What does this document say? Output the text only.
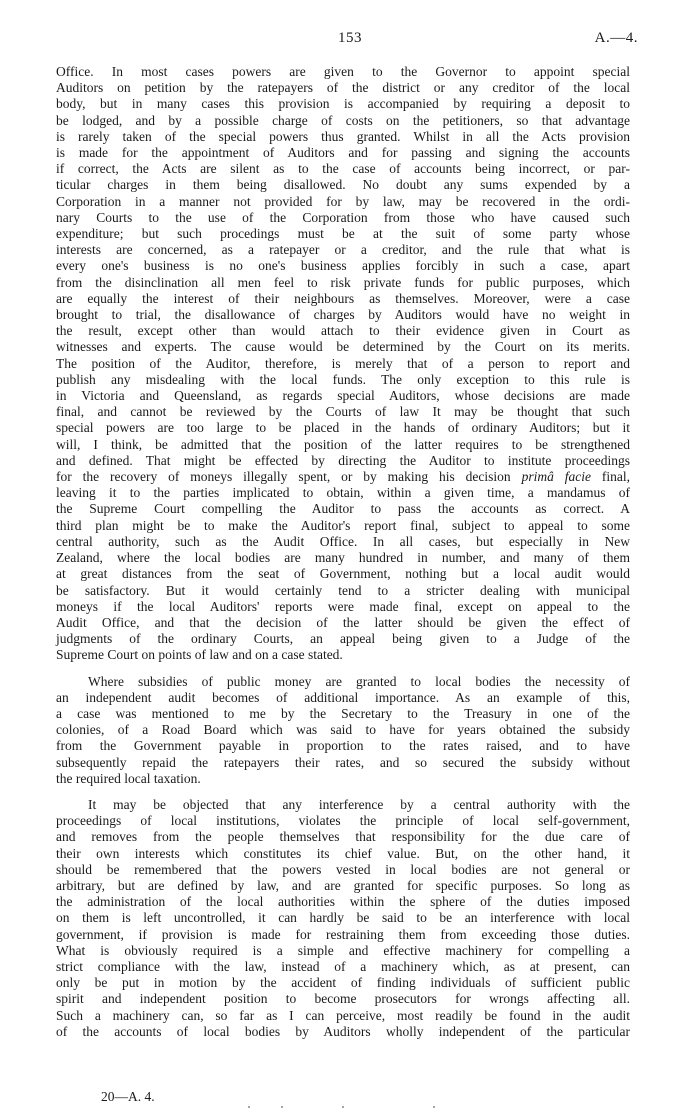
153	A.—4.

Office. In most cases powers are given to the Governor to appoint special

Auditors on petition by the ratepayers of the district or any creditor of the local

body, but in many cases this provision is accompanied by requiring a deposit to

be lodged, and by a possible charge of costs on the petitioners, so that advantage

is rarely taken of the special powers thus granted. Whilst in all the Acts provision

is made for the appointment of Auditors and for passing and signing the accounts

if correct, the Acts are silent as to the case of accounts being incorrect, or par-

ticular charges in them being disallowed. No doubt any sums expended by a

Corporation in a manner not provided for by law, may be recovered in the ordi-

nary Courts to the use of the Corporation from those who have caused such

expenditure; but such procedings must be at the suit of some party whose

interests are concerned, as a ratepayer or a creditor, and the rule that what is

every one's business is no one's business applies forcibly in such a case, apart

from the disinclination all men feel to risk private funds for public purposes, which

are equally the interest of their neighbours as themselves. Moreover, were a case

brought to trial, the disallowance of charges by Auditors would have no weight in

the result, except other than would attach to their evidence given in Court as

witnesses and experts. The cause would be determined by the Court on its merits.

The position of the Auditor, therefore, is merely that of a person to report and

publish any misdealing with the local funds. The only exception to this rule is

in Victoria and Queensland, as regards special Auditors, whose decisions are made

final, and cannot be reviewed by the Courts of law It may be thought that such

special powers are too large to be placed in the hands of ordinary Auditors; but it

will, I think, be admitted that the position of the latter requires to be strengthened

and defined. That might be effected by directing the Auditor to institute proceedings

for the recovery of moneys illegally spent, or by making his decision primâ facie final,

leaving it to the parties implicated to obtain, within a given time, a mandamus of

the Supreme Court compelling the Auditor to pass the accounts as correct. A

third plan might be to make the Auditor's report final, subject to appeal to some

central authority, such as the Audit Office. In all cases, but especially in New

Zealand, where the local bodies are many hundred in number, and many of them

at great distances from the seat of Government, nothing but a local audit would

be satisfactory. But it would certainly tend to a stricter dealing with municipal

moneys if the local Auditors' reports were made final, except on appeal to the

Audit Office, and that the decision of the latter should be given the effect of

judgments of the ordinary Courts, an appeal being given to a Judge of the

Supreme Court on points of law and on a case stated.

Where subsidies of public money are granted to local bodies the necessity of

an independent audit becomes of additional importance. As an example of this,

a case was mentioned to me by the Secretary to the Treasury in one of the

colonies, of a Road Board which was said to have for years obtained the subsidy

from the Government payable in proportion to the rates raised, and to have

subsequently repaid the ratepayers their rates, and so secured the subsidy without

the required local taxation.

It may be objected that any interference by a central authority with the

proceedings of local institutions, violates the principle of local self-government,

and removes from the people themselves that responsibility for the due care of

their own interests which constitutes its chief value. But, on the other hand, it

should be remembered that the powers vested in local bodies are not general or

arbitrary, but are defined by law, and are granted for specific purposes. So long as

the administration of the local authorities within the sphere of the duties imposed

on them is left uncontrolled, it can hardly be said to be an interference with local

government, if provision is made for restraining them from exceeding those duties.

What is obviously required is a simple and effective machinery for compelling a

strict compliance with the law, instead of a machinery which, as at present, can

only be put in motion by the accident of finding individuals of sufficient public

spirit and independent position to become prosecutors for wrongs affecting all.

Such a machinery can, so far as I can perceive, most readily be found in the audit

of the accounts of local bodies by Auditors wholly independent of the particular

20—A. 4.
